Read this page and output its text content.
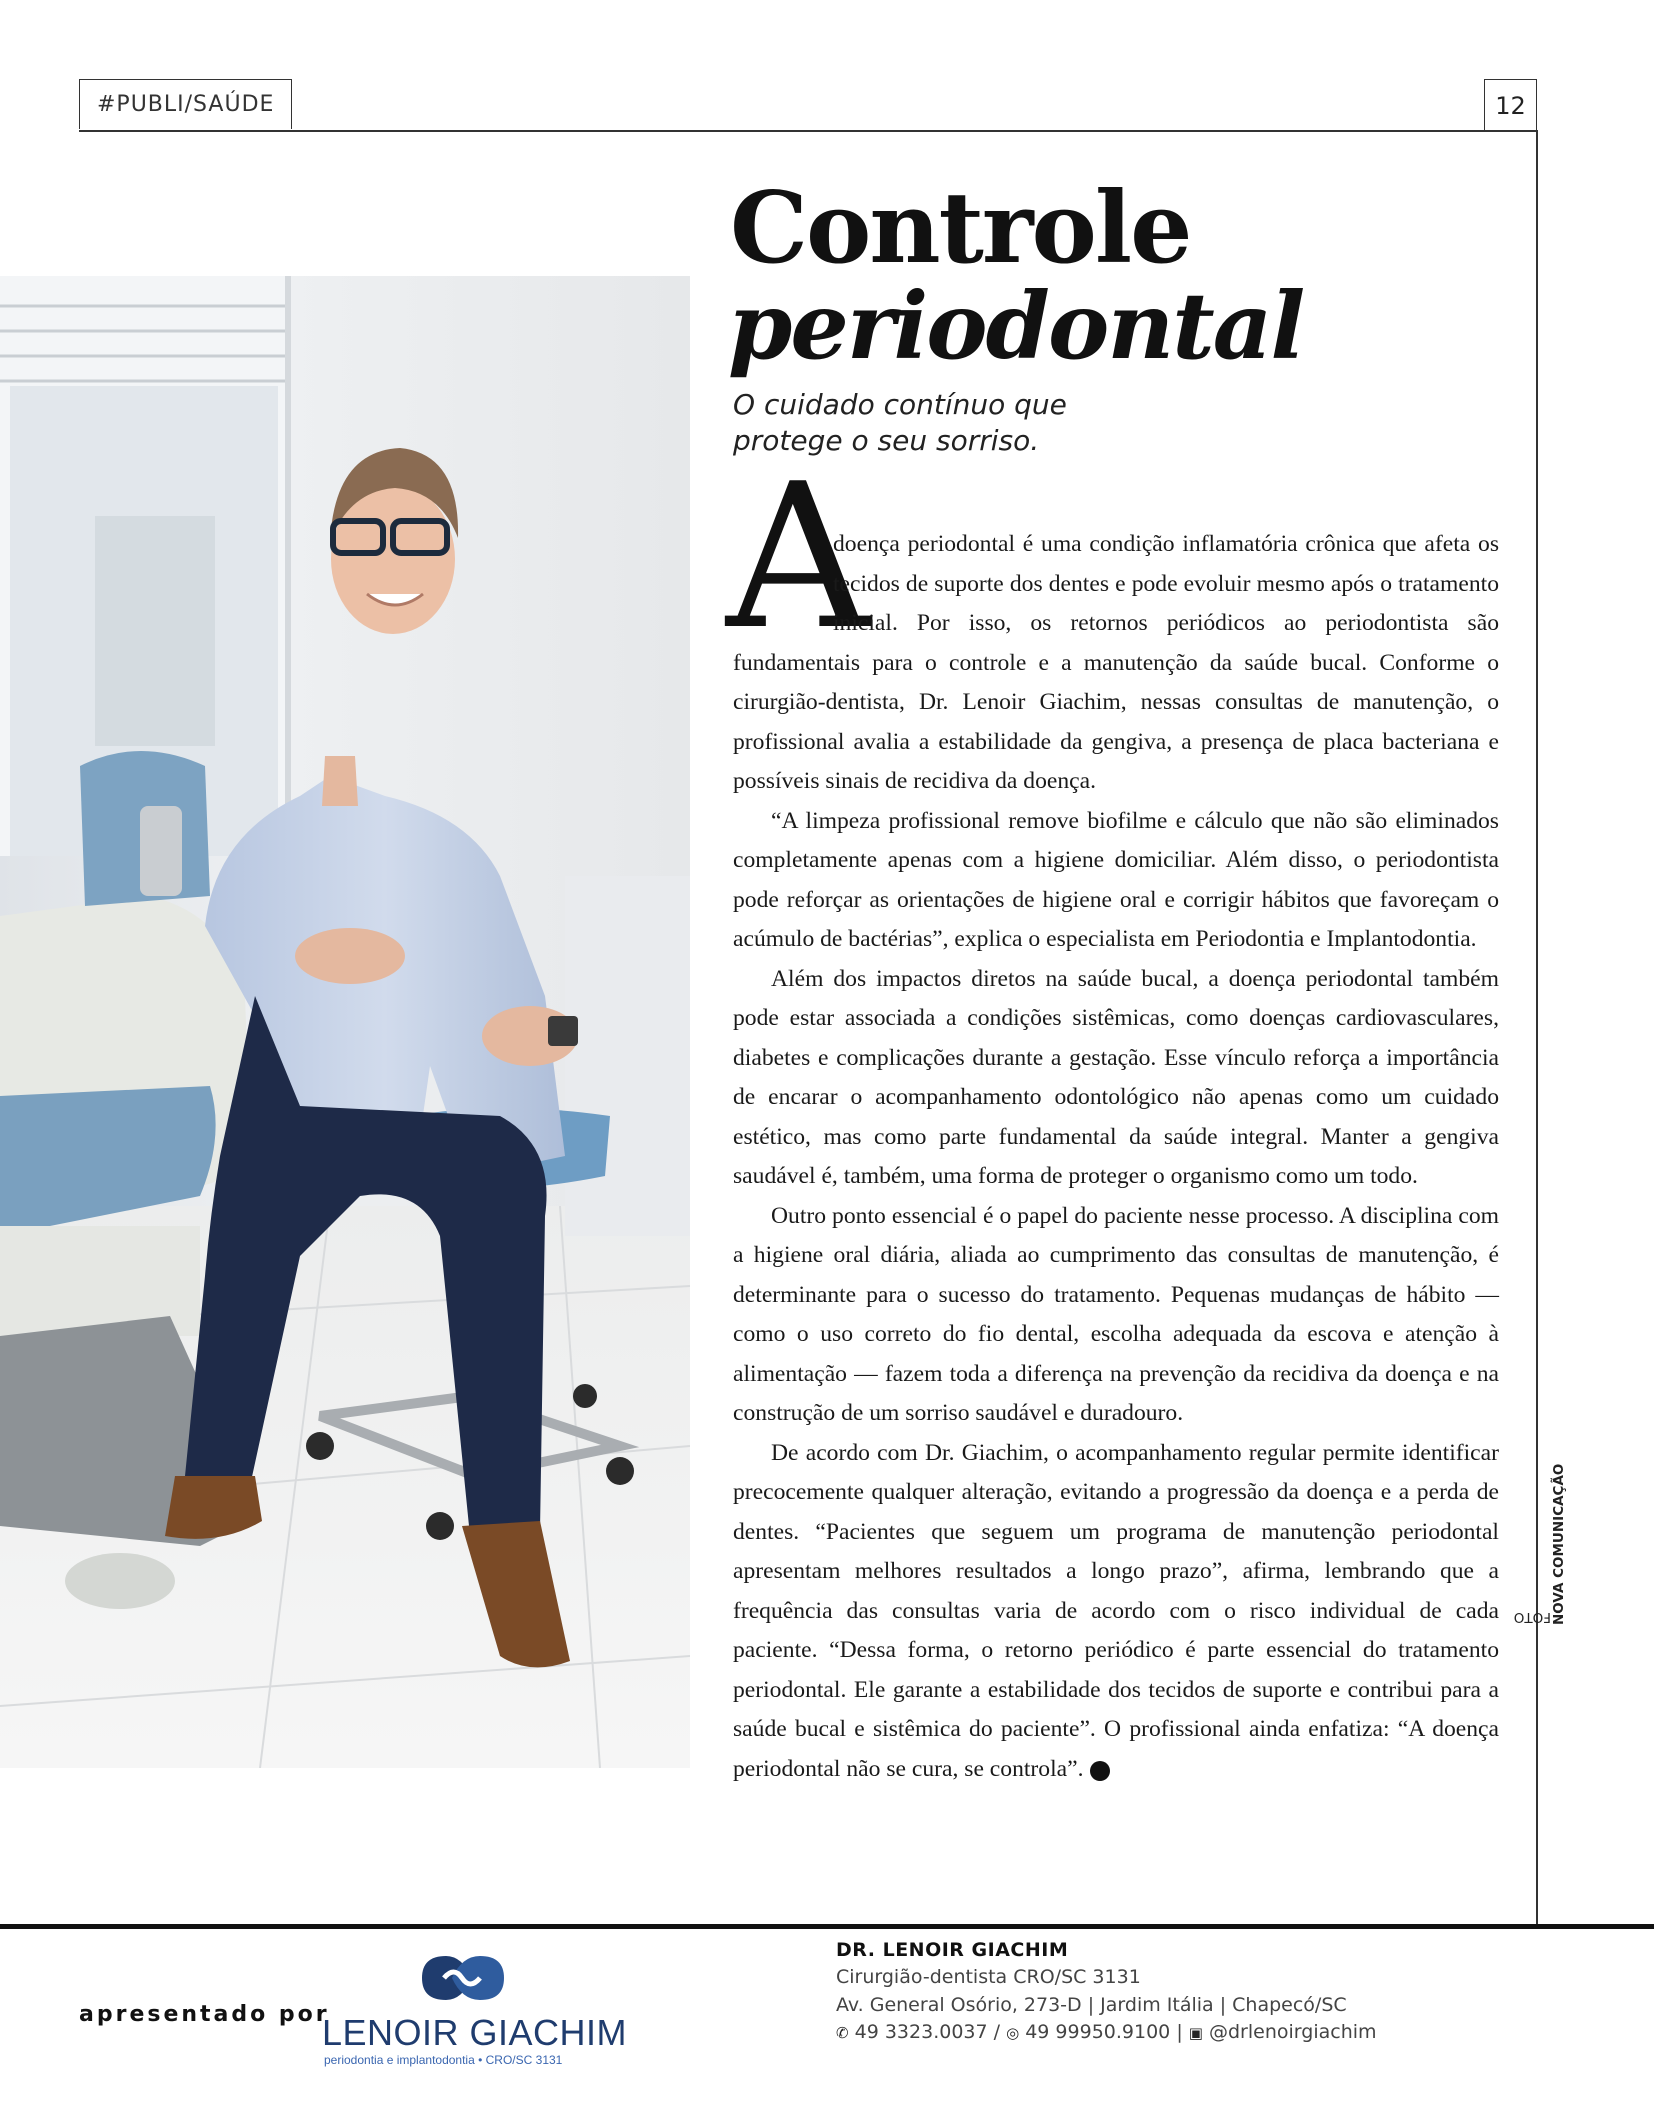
#PUBLI/SAÚDE	12
Controle
periodontal
O cuidado contínuo que protege o seu sorriso.
A

doença periodontal é uma condição inflamatória crônica que afeta os tecidos de suporte dos dentes e pode evoluir mesmo após o tratamento inicial. Por isso, os retornos periódicos ao periodontista são fundamentais para o controle e a manutenção da saúde bucal. Conforme o cirurgião-dentista, Dr. Lenoir Giachim, nessas consultas de manutenção, o profissional avalia a estabilidade da gengiva, a presença de placa bacteriana e possíveis sinais de recidiva da doença.

“A limpeza profissional remove biofilme e cálculo que não são eliminados completamente apenas com a higiene domiciliar. Além disso, o periodontista pode reforçar as orientações de higiene oral e corrigir hábitos que favoreçam o acúmulo de bactérias”, explica o especialista em Periodontia e Implantodontia.

Além dos impactos diretos na saúde bucal, a doença periodontal também pode estar associada a condições sistêmicas, como doenças cardiovasculares, diabetes e complicações durante a gestação. Esse vínculo reforça a importância de encarar o acompanhamento odontológico não apenas como um cuidado estético, mas como parte fundamental da saúde integral. Manter a gengiva saudável é, também, uma forma de proteger o organismo como um todo.

Outro ponto essencial é o papel do paciente nesse processo. A disciplina com a higiene oral diária, aliada ao cumprimento das consultas de manutenção, é determinante para o sucesso do tratamento. Pequenas mudanças de hábito — como o uso correto do fio dental, escolha adequada da escova e atenção à alimentação — fazem toda a diferença na prevenção da recidiva da doença e na construção de um sorriso saudável e duradouro.

De acordo com Dr. Giachim, o acompanhamento regular permite identificar precocemente qualquer alteração, evitando a progressão da doença e a perda de dentes. “Pacientes que seguem um programa de manutenção periodontal apresentam melhores resultados a longo prazo”, afirma, lembrando que a frequência das consultas varia de acordo com o risco individual de cada paciente. “Dessa forma, o retorno periódico é parte essencial do tratamento periodontal. Ele garante a estabilidade dos tecidos de suporte e contribui para a saúde bucal e sistêmica do paciente”. O profissional ainda enfatiza: “A doença periodontal não se cura, se controla”.	⚡

FOTO NOVA COMUNICAÇÃO
apresentado por
LENOIR GIACHIM
periodontia e implantodontia • CRO/SC 3131
DR. LENOIR GIACHIM
Cirurgião-dentista CRO/SC 3131
Av. General Osório, 273-D | Jardim Itália | Chapecó/SC
✆ 49 3323.0037 / ◎ 49 99950.9100 | ▣ @drlenoirgiachim
